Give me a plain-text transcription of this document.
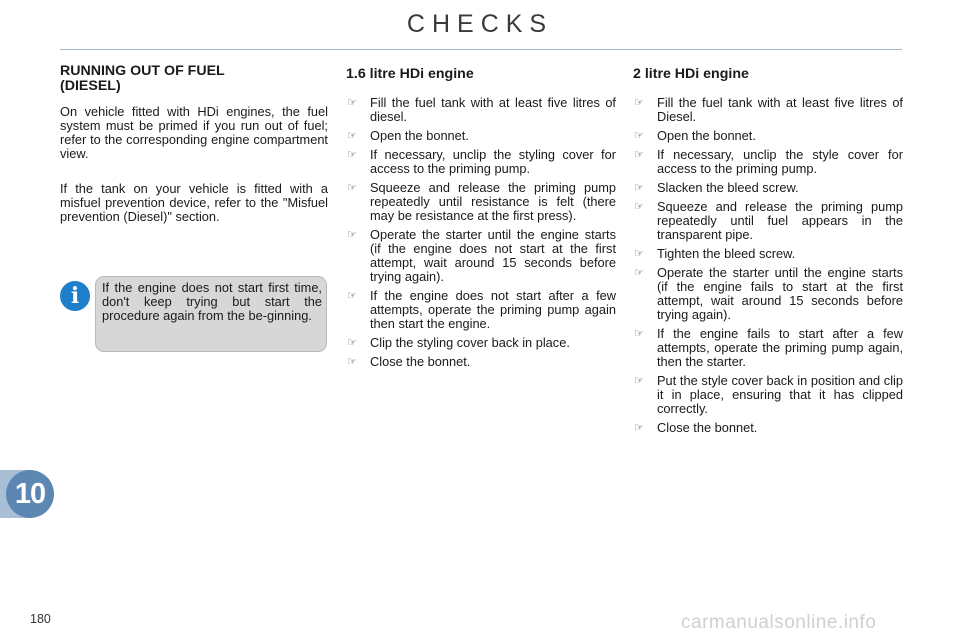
CHECKS
RUNNING OUT OF FUEL
(DIESEL)

On vehicle fitted with HDi engines, the fuel system must be primed if you run out of fuel; refer to the corresponding engine compartment view.

If the tank on your vehicle is fitted with a misfuel prevention device, refer to the "Misfuel prevention (Diesel)" section.

i	If the engine does not start first time, don't keep trying but start the procedure again from the be-ginning.
1.6 litre HDi engine
☞ Fill the fuel tank with at least five litres of diesel.
☞ Open the bonnet.
☞ If necessary, unclip the styling cover for access to the priming pump.
☞ Squeeze and release the priming pump repeatedly until resistance is felt (there may be resistance at the first press).
☞ Operate the starter until the engine starts (if the engine does not start at the first attempt, wait around 15 seconds before trying again).
☞ If the engine does not start after a few attempts, operate the priming pump again then start the engine.
☞ Clip the styling cover back in place.
☞ Close the bonnet.
2 litre HDi engine
☞ Fill the fuel tank with at least five litres of Diesel.
☞ Open the bonnet.
☞ If necessary, unclip the style cover for access to the priming pump.
☞ Slacken the bleed screw.
☞ Squeeze and release the priming pump repeatedly until fuel appears in the transparent pipe.
☞ Tighten the bleed screw.
☞ Operate the starter until the engine starts (if the engine fails to start at the first attempt, wait around 15 seconds before trying again).
☞ If the engine fails to start after a few attempts, operate the priming pump again, then the starter.
☞ Put the style cover back in position and clip it in place, ensuring that it has clipped correctly.
☞ Close the bonnet.
10
180	carmanualsonline.info
